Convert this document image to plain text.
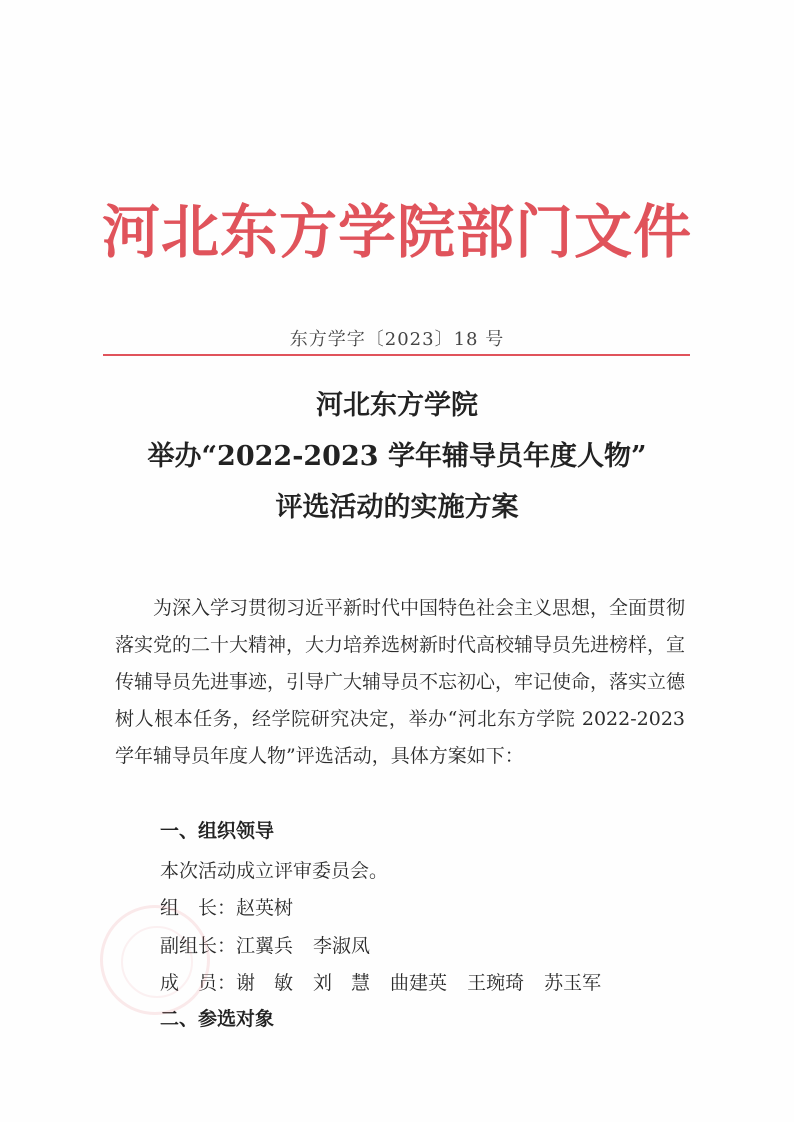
河北东方学院部门文件
东方学字〔2023〕18 号
河北东方学院
举办“2022-2023 学年辅导员年度人物”
评选活动的实施方案

为深入学习贯彻习近平新时代中国特色社会主义思想，全面贯彻落实党的二十大精神，大力培养选树新时代高校辅导员先进榜样，宣传辅导员先进事迹，引导广大辅导员不忘初心，牢记使命，落实立德树人根本任务，经学院研究决定，举办“河北东方学院 2022-2023 学年辅导员年度人物”评选活动，具体方案如下：

一、组织领导
本次活动成立评审委员会。
组　长：赵英树
副组长：江翼兵 李淑凤
成　员：谢　敏 刘　慧 曲建英 王琬琦 苏玉军
二、参选对象
